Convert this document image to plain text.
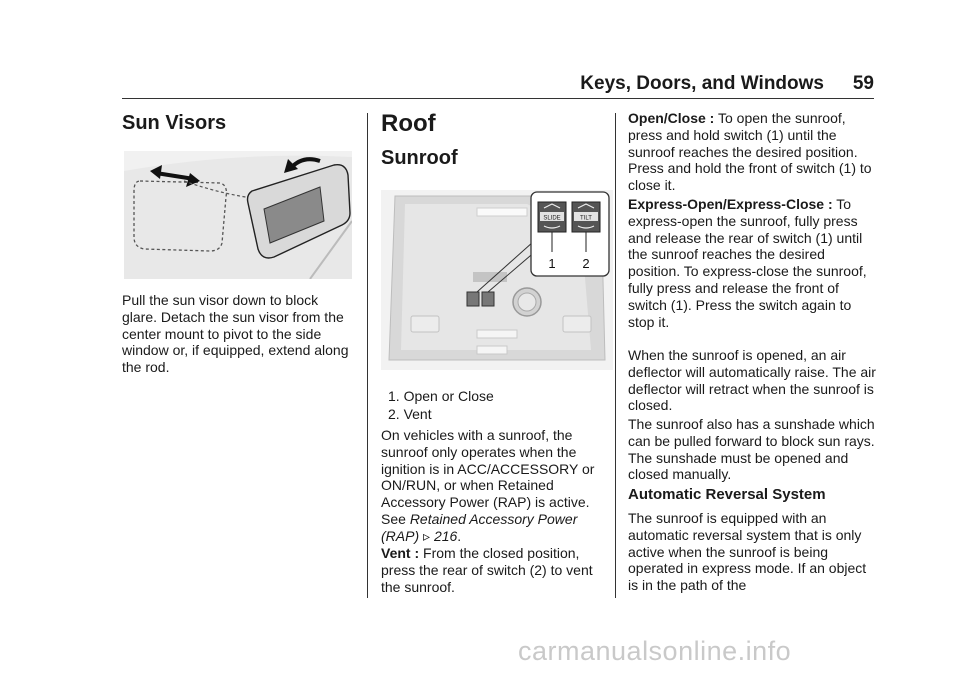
Keys, Doors, and Windows 59
Sun Visors

Pull the sun visor down to block glare. Detach the sun visor from the center mount to pivot to the side window or, if equipped, extend along the rod.

Roof
Sunroof
SLIDE	TILT
1 2
1. Open or Close
2. Vent

On vehicles with a sunroof, the sunroof only operates when the ignition is in ACC/ACCESSORY or ON/RUN, or when Retained Accessory Power (RAP) is active. See Retained Accessory Power (RAP) ▹ 216.

Vent : From the closed position, press the rear of switch (2) to vent the sunroof.

Open/Close : To open the sunroof, press and hold switch (1) until the sunroof reaches the desired position. Press and hold the front of switch (1) to close it.

Express-Open/Express-Close : To express-open the sunroof, fully press and release the rear of switch (1) until the sunroof reaches the desired position. To express-close the sunroof, fully press and release the front of switch (1). Press the switch again to stop it.

When the sunroof is opened, an air deflector will automatically raise. The air deflector will retract when the sunroof is closed.

The sunroof also has a sunshade which can be pulled forward to block sun rays. The sunshade must be opened and closed manually.

Automatic Reversal System

The sunroof is equipped with an automatic reversal system that is only active when the sunroof is being operated in express mode. If an object is in the path of the

carmanualsonline.info
